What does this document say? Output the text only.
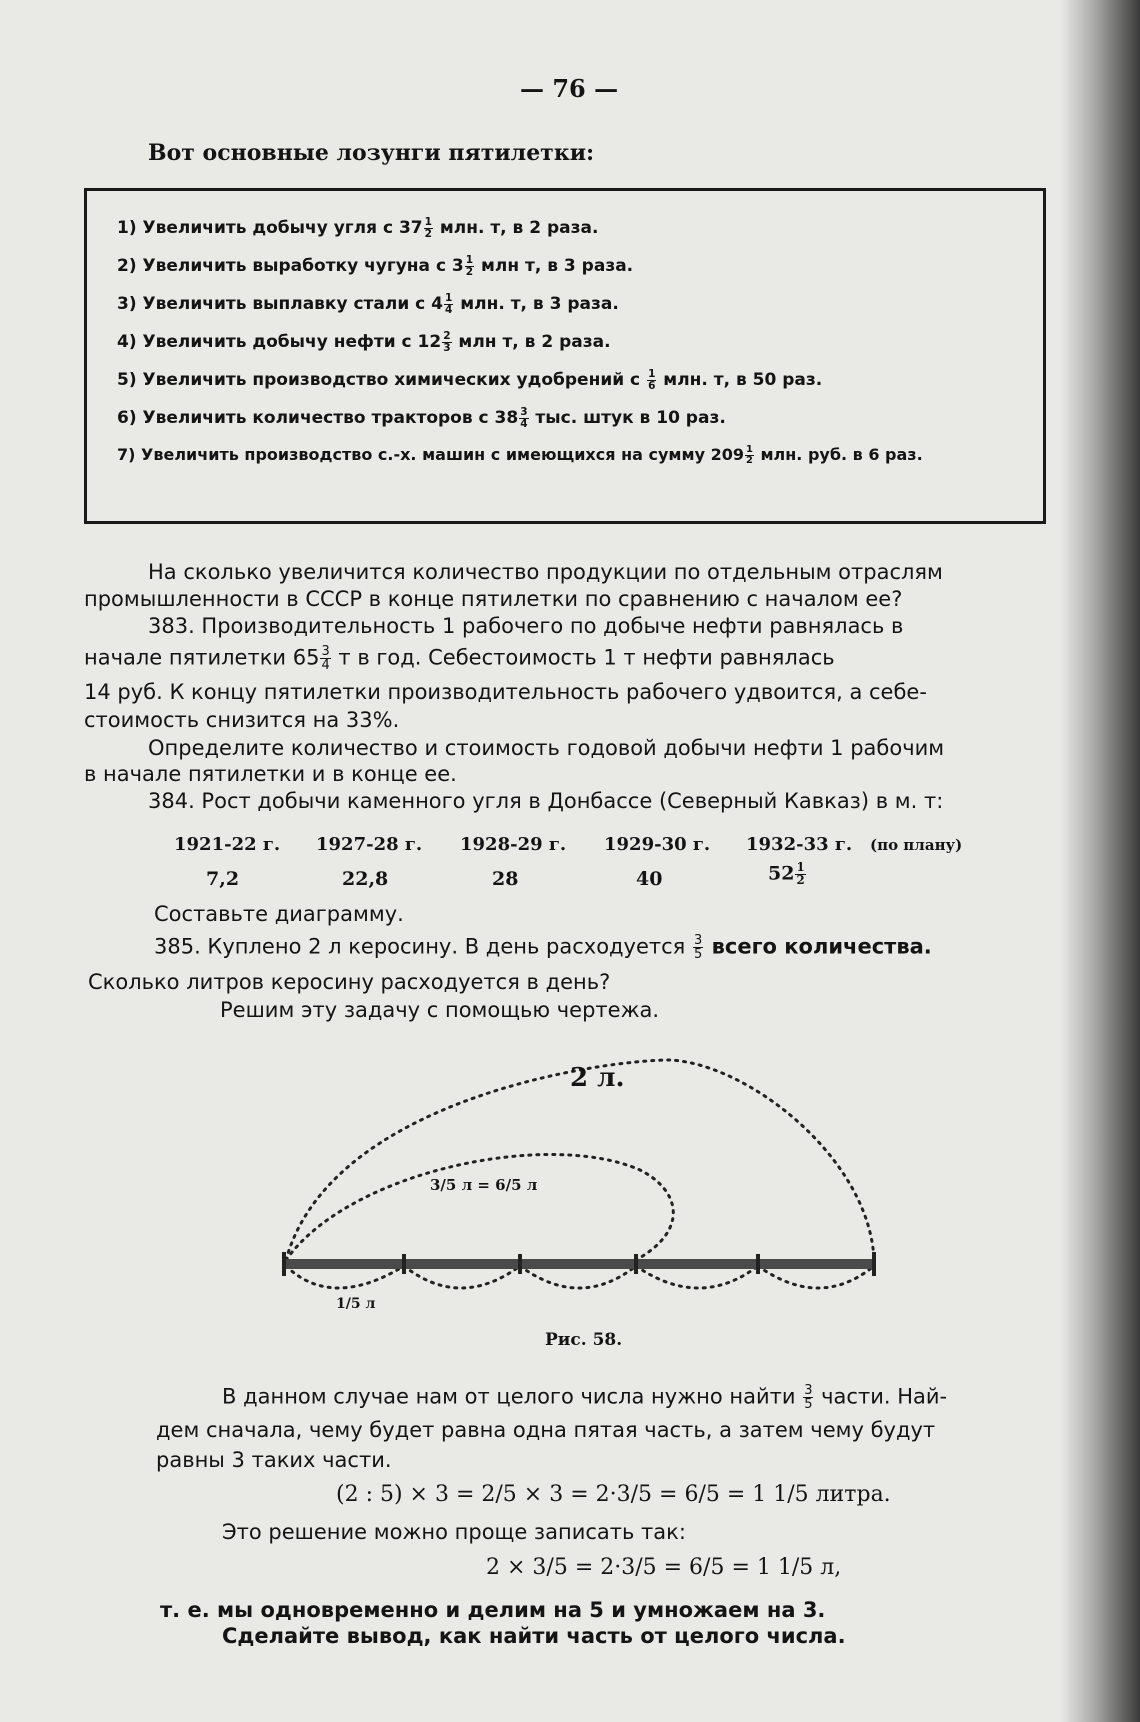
— 76 —
Вот основные лозунги пятилетки:
1) Увеличить добычу угля с $37 \frac{1}{2}$ млн. т, в 2 раза.
2) Увеличить выработку чугуна с $3 \frac{1}{2}$ млн т, в 3 раза.
3) Увеличить выплавку стали с $4 \frac{1}{4}$ млн. т, в 3 раза.
4) Увеличить добычу нефти с $12 \frac{2}{3}$ млн т, в 2 раза.
5) Увеличить производство химических удобрений с $\frac{1}{6}$ млн. т, в 50 раз.
6) Увеличить количество тракторов с $38 \frac{3}{4}$ тыс. штук в 10 раз.
7) Увеличить производство с.-х. машин с имеющихся на сумму $209 \frac{1}{2}$ млн. руб. в 6 раз.
На сколько увеличится количество продукции по отдельным отраслям
промышленности в СССР в конце пятилетки по сравнению с началом ее?
383. Производительность 1 рабочего по добыче нефти равнялась в
начале пятилетки $65 \frac{3}{4}$ т в год. Себестоимость 1 т нефти равнялась
14 руб. К концу пятилетки производительность рабочего удвоится, а себе-
стоимость снизится на 33%.
Определите количество и стоимость годовой добычи нефти 1 рабочим
в начале пятилетки и в конце ее.
384. Рост добычи каменного угля в Донбассе (Северный Кавказ) в м. т:
1921-22 г. 1927-28 г. 1928-29 г. 1929-30 г. 1932-33 г. (по плану)
7,2	22,8	28	40	$52 \frac{1}{2}$
Составьте диаграмму.
385. Куплено 2 л керосину. В день расходуется $\frac{3}{5}$ всего количества.
Сколько литров керосину расходуется в день?
Решим эту задачу с помощью чертежа.
2 л.
3/5 л = 6/5 л
1/5 л
Рис. 58.
В данном случае нам от целого числа нужно найти $\frac{3}{5}$ части. Най-
дем сначала, чему будет равна одна пятая часть, а затем чему будут
равны 3 таких части.
(2 : 5) × 3 = 2/5 × 3 = 2·3/5 = 6/5 = 1 1/5 литра.
Это решение можно проще записать так:
2 × 3/5 = 2·3/5 = 6/5 = 1 1/5 л,
т. е. мы одновременно и делим на 5 и умножаем на 3.
Сделайте вывод, как найти часть от целого числа.
